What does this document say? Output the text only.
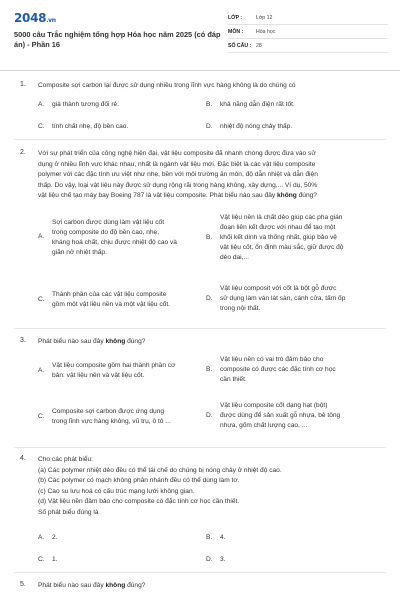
2048.vn
5000 câu Trắc nghiệm tổng hợp Hóa học năm 2025 (có đáp án) - Phần 16
LỚP :	Lớp 12
MÔN :	Hóa học
SỐ CÂU : 28
1. Composite sợi carbon lại được sử dụng nhiều trong lĩnh vực hàng không là do chúng có
A. giá thành tương đối rẻ.	B. khả năng dẫn điện rất tốt.
C. tính chất nhẹ, độ bền cao.	D. nhiệt độ nóng chảy thấp.
2. Với sự phát triển của công nghệ hiện đại, vật liệu composite đã nhanh chóng được đưa vào sử
dụng ở nhiều lĩnh vực khác nhau, nhất là ngành vật liệu mới. Đặc biệt là các vật liệu composite
polymer với các đặc tính ưu việt như nhẹ, bền với môi trường ăn mòn, độ dẫn nhiệt và dẫn điện
thấp. Do vậy, loại vật liệu này được sử dụng rộng rãi trong hàng không, xây dựng,... Ví dụ, 50%
vật liệu chế tạo máy bay Boeing 787 là vật liệu composite. Phát biểu nào sau đây không đúng?
A.
Sợi carbon được dùng làm vật liệu cốt
trong composite do độ bền cao, nhẹ,
kháng hoá chất, chịu được nhiệt độ cao và
giãn nở nhiệt thấp.
B.
Vật liệu nền là chất dẻo giúp các pha gián
đoạn liên kết được với nhau để tạo một
khối kết dính và thống nhất, giúp bảo vệ
vật liệu cốt, ổn định màu sắc, giữ được độ
dẻo dai,...
C.
Thành phần của các vật liệu composite
gồm một vật liệu nền và một vật liệu cốt.
D.
Vật liệu composit với cốt là bột gỗ được
sử dụng làm ván lát sàn, cánh cửa, tấm ốp
trong nội thất.
3. Phát biểu nào sau đây không đúng?
A.
Vật liệu composite gồm hai thành phần cơ
bản: vật liệu nền và vật liệu cốt.
B.
Vật liệu nền có vai trò đảm bảo cho
composite có được các đặc tính cơ học
cần thiết.
C.
Composite sợi carbon được ứng dụng
trong lĩnh vực hàng không, vũ trụ, ô tô ...
D.
Vật liệu composite cốt dạng hạt (bột)
được dùng để sản xuất gỗ nhựa, bê tông
nhựa, gốm chất lượng cao, ...
4. Cho các phát biểu:
(a) Các polymer nhiệt dẻo đều có thể tái chế do chúng bị nóng chảy ở nhiệt độ cao.
(b) Các polymer có mạch không phân nhánh đều có thể dùng làm tơ.
(c) Cao su lưu hoá có cấu trúc mạng lưới không gian.
(d) Vật liệu nền đảm bảo cho composite có đặc tính cơ học cần thiết.
Số phát biểu đúng là
A. 2.	B. 4.
C. 1.	D. 3.
5. Phát biểu nào sau đây không đúng?
